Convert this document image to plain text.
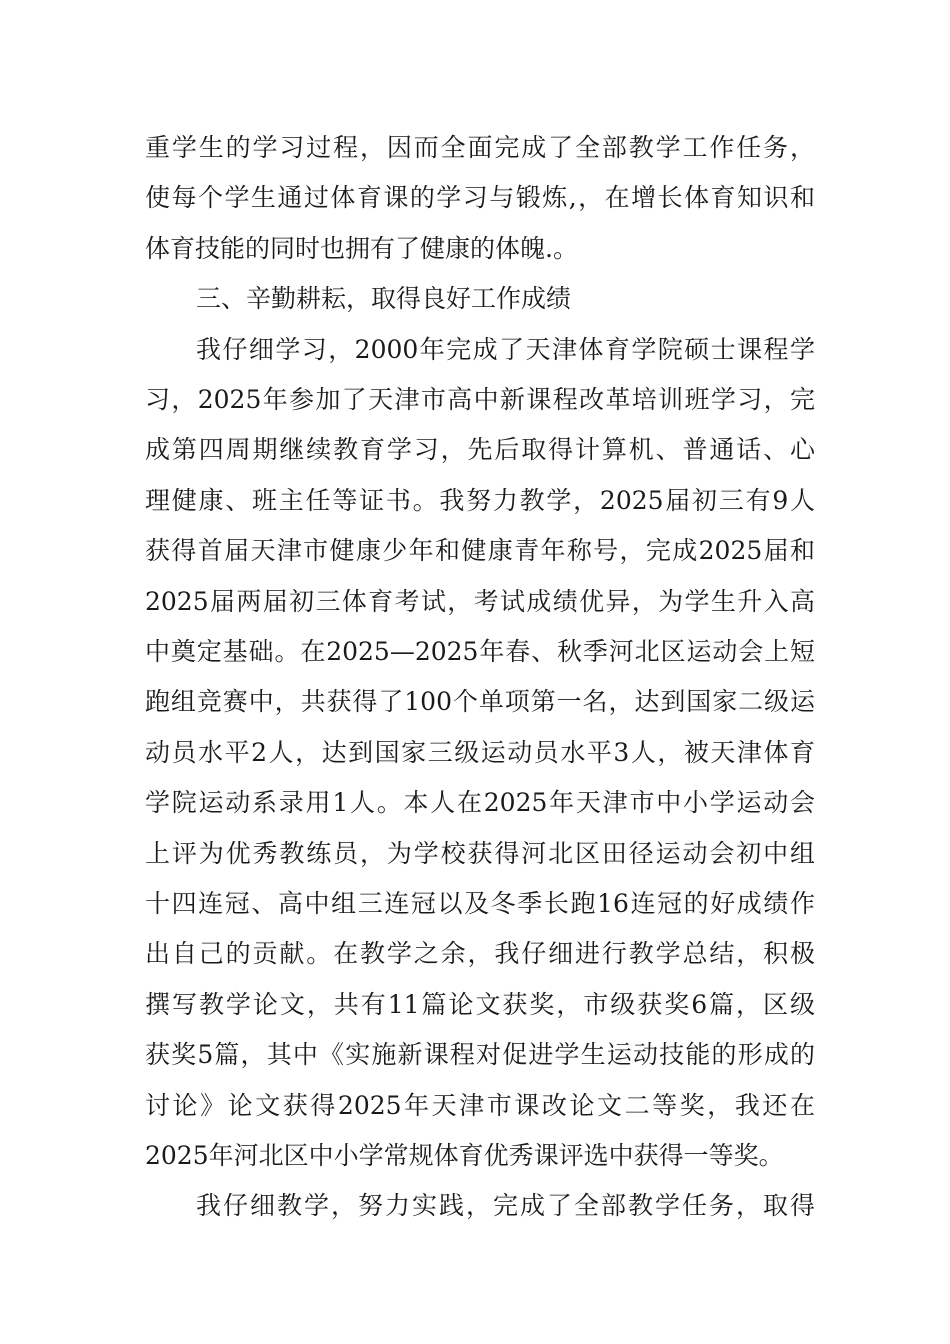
重学生的学习过程，因而全面完成了全部教学工作任务，
使每个学生通过体育课的学习与锻炼,，在增长体育知识和
体育技能的同时也拥有了健康的体魄.。
三、辛勤耕耘，取得良好工作成绩
我仔细学习，2000年完成了天津体育学院硕士课程学
习，2025年参加了天津市高中新课程改革培训班学习，完
成第四周期继续教育学习，先后取得计算机、普通话、心
理健康、班主任等证书。我努力教学，2025届初三有9人
获得首届天津市健康少年和健康青年称号，完成2025届和
2025届两届初三体育考试，考试成绩优异，为学生升入高
中奠定基础。在2025—2025年春、秋季河北区运动会上短
跑组竞赛中，共获得了100个单项第一名，达到国家二级运
动员水平2人，达到国家三级运动员水平3人，被天津体育
学院运动系录用1人。本人在2025年天津市中小学运动会
上评为优秀教练员，为学校获得河北区田径运动会初中组
十四连冠、高中组三连冠以及冬季长跑16连冠的好成绩作
出自己的贡献。在教学之余，我仔细进行教学总结，积极
撰写教学论文，共有11篇论文获奖，市级获奖6篇，区级
获奖5篇，其中《实施新课程对促进学生运动技能的形成的
讨论》论文获得2025年天津市课改论文二等奖，我还在
2025年河北区中小学常规体育优秀课评选中获得一等奖。
我仔细教学，努力实践，完成了全部教学任务，取得
